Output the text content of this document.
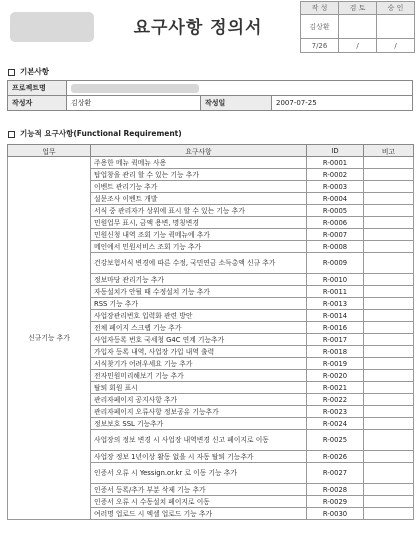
요구사항 정의서
작 성	검 토	승 인
김상환		
7/26	/	/
기본사항
프로젝트명			
작성자	김상환	작성일	2007-07-25
기능적 요구사항(Functional Requirement)
업무	요구사항	ID	비고
신규기능 추가	주용한 메뉴 퀵메뉴 사용	R-0001	
	탑업창을 관리 할 수 있는 기능 추가	R-0002	
	이벤트 관리기능 추가	R-0003	
	설문조사 이벤트 개발	R-0004	
	서식 중 관리자가 상위에 표시 할 수 있는 기능 추가	R-0005	
	민원업무 표시, 금액 용변, 명칭변경	R-0006	
	민원신청 내역 조회 기능 퀵메뉴에 추가	R-0007	
	메인에서 민원서비스 조회 기능 추가	R-0008	
	건강보험서식 변경에 따른 수정, 국민연금 소득총액 신규 추가	R-0009	
	정보마당 관리기능 추가	R-0010	
	자동설치가 안될 때 수정설치 기능 추가	R-0011	
	RSS 기능 추가	R-0013	
	사업장관리번호 입력화 관련 방안	R-0014	
	전체 페이지 스크랩 기능 추가	R-0016	
	사업자등록 번호 국세청 G4C 연계 기능추가	R-0017	
	가입자 등록 내역, 사업장 가입 내역 출력	R-0018	
	서식찾기가 어려우세요 기능 추가	R-0019	
	전자민원미리해보기 기능 추가	R-0020	
	탈퇴 회원 표시	R-0021	
	관리자페이지 공지사항 추가	R-0022	
	관리자페이지 오류사항 정보공유 기능추가	R-0023	
	정보보호 SSL 기능추가	R-0024	
	사업장의 정보 변경 시 사업장 내역변경 신고 페이지로 이동	R-0025	
	사업장 정보 1년이상 활동 없을 시 자동 탈퇴 기능추가	R-0026	
	인증서 오류 시 Yessign.or.kr 로 이동 기능 추가	R-0027	
	인증서 등록/추가 부분 삭제 기능 추가	R-0028	
	인증서 오류 시 수동설치 페이지로 이동	R-0029	
	여러명 업로드 시 엑셀 업로드 기능 추가	R-0030	
